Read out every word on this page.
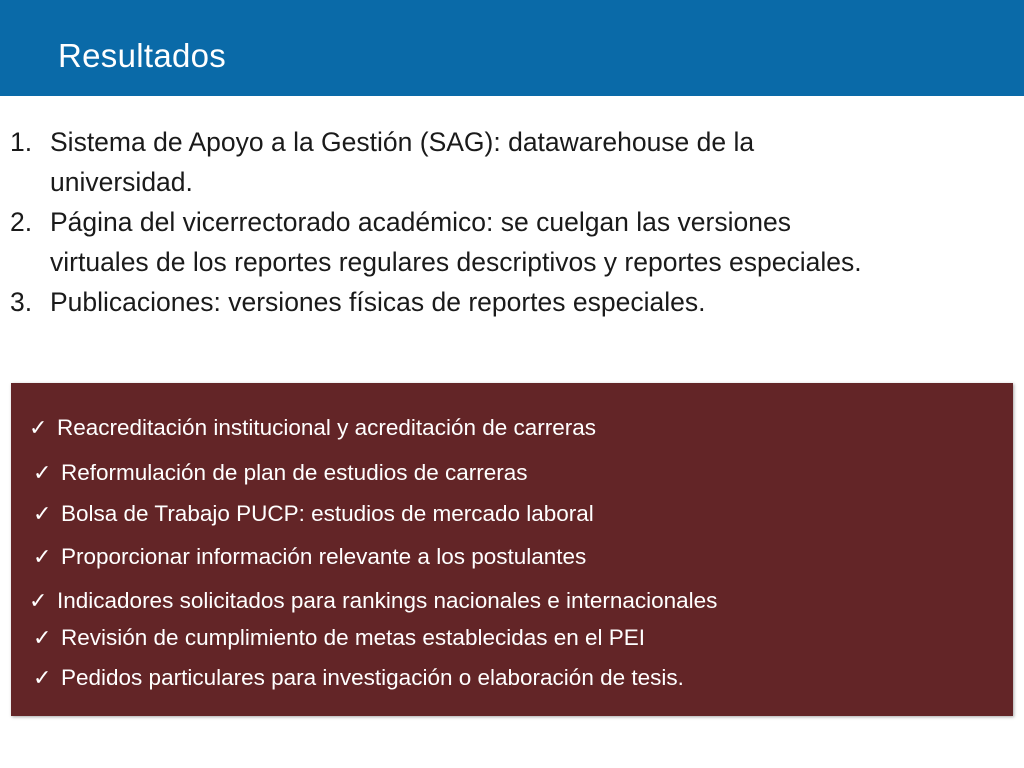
Resultados
1. Sistema de Apoyo a la Gestión (SAG): datawarehouse de la
universidad.
2. Página del vicerrectorado académico: se cuelgan las versiones
virtuales de los reportes regulares descriptivos y reportes especiales.
3. Publicaciones: versiones físicas de reportes especiales.
✓ Reacreditación institucional y acreditación de carreras
✓ Reformulación de plan de estudios de carreras
✓ Bolsa de Trabajo PUCP: estudios de mercado laboral
✓ Proporcionar información relevante a los postulantes
✓ Indicadores solicitados para rankings nacionales e internacionales
✓ Revisión de cumplimiento de metas establecidas en el PEI
✓ Pedidos particulares para investigación o elaboración de tesis.
